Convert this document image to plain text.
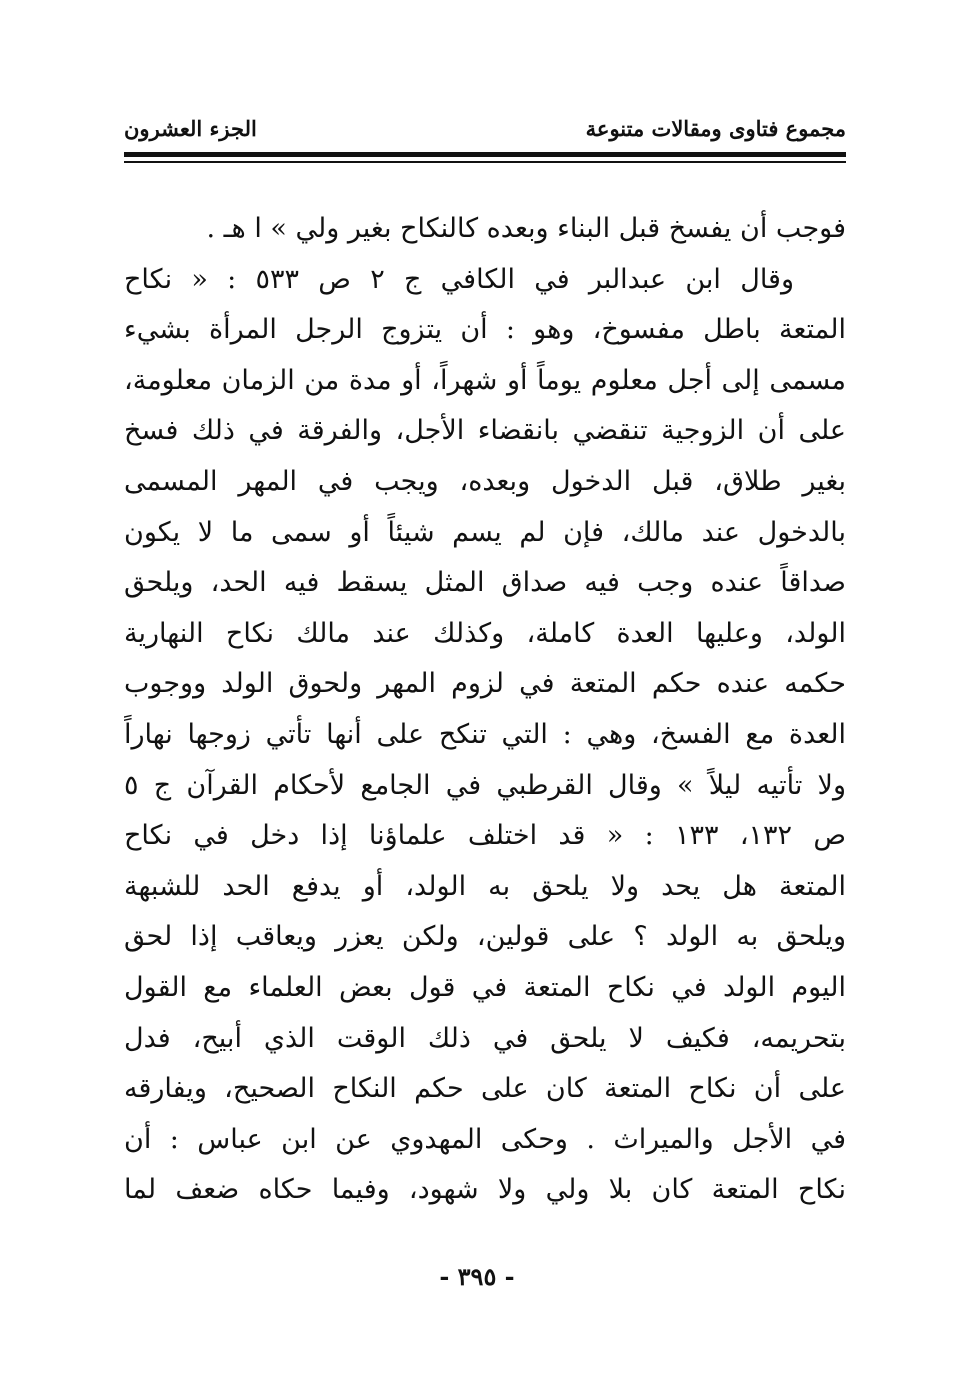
مجموع فتاوى ومقالات متنوعة
الجزء العشرون
فوجب أن يفسخ قبل البناء وبعده كالنكاح بغير ولي » ا هـ .
وقال ابن عبدالبر في الكافي ج ٢ ص ٥٣٣ : « نكاح
المتعة باطل مفسوخ، وهو : أن يتزوج الرجل المرأة بشيء
مسمى إلى أجل معلوم يوماً أو شهراً، أو مدة من الزمان معلومة،
على أن الزوجية تنقضي بانقضاء الأجل، والفرقة في ذلك فسخ
بغير طلاق، قبل الدخول وبعده، ويجب في المهر المسمى
بالدخول عند مالك، فإن لم يسم شيئاً أو سمى ما لا يكون
صداقاً عنده وجب فيه صداق المثل يسقط فيه الحد، ويلحق
الولد، وعليها العدة كاملة، وكذلك عند مالك نكاح النهارية
حكمه عنده حكم المتعة في لزوم المهر ولحوق الولد ووجوب
العدة مع الفسخ، وهي : التي تنكح على أنها تأتي زوجها نهاراً
ولا تأتيه ليلاً » وقال القرطبي في الجامع لأحكام القرآن ج ٥
ص ١٣٢، ١٣٣ : « قد اختلف علماؤنا إذا دخل في نكاح
المتعة هل يحد ولا يلحق به الولد، أو يدفع الحد للشبهة
ويلحق به الولد ؟ على قولين، ولكن يعزر ويعاقب إذا لحق
اليوم الولد في نكاح المتعة في قول بعض العلماء مع القول
بتحريمه، فكيف لا يلحق في ذلك الوقت الذي أبيح، فدل
على أن نكاح المتعة كان على حكم النكاح الصحيح، ويفارقه
في الأجل والميراث . وحكى المهدوي عن ابن عباس : أن
نكاح المتعة كان بلا ولي ولا شهود، وفيما حكاه ضعف لما
- ٣٩٥ -
